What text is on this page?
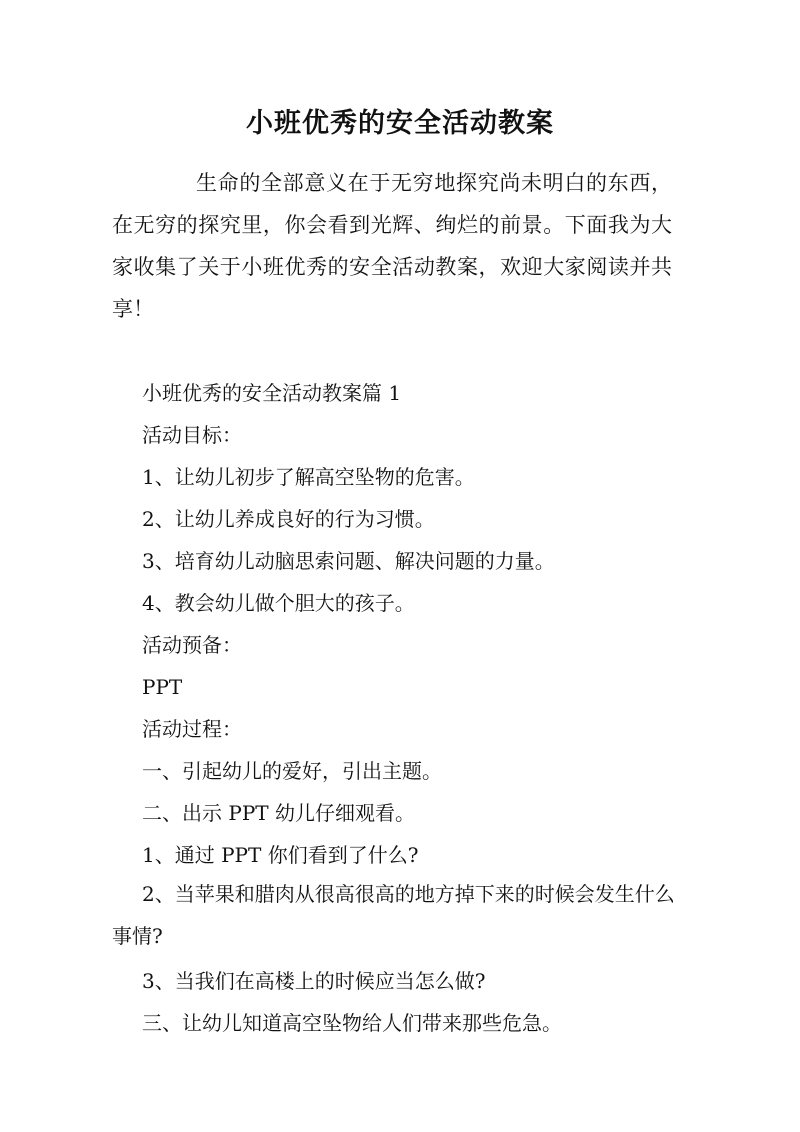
小班优秀的安全活动教案

生命的全部意义在于无穷地探究尚未明白的东西，在无穷的探究里，你会看到光辉、绚烂的前景。下面我为大家收集了关于小班优秀的安全活动教案，欢迎大家阅读并共享！

小班优秀的安全活动教案篇 1

活动目标：

1、让幼儿初步了解高空坠物的危害。

2、让幼儿养成良好的行为习惯。

3、培育幼儿动脑思索问题、解决问题的力量。

4、教会幼儿做个胆大的孩子。

活动预备：

PPT

活动过程：

一、引起幼儿的爱好，引出主题。

二、出示 PPT 幼儿仔细观看。

1、通过 PPT 你们看到了什么?

2、当苹果和腊肉从很高很高的地方掉下来的时候会发生什么事情?

3、当我们在高楼上的时候应当怎么做?

三、让幼儿知道高空坠物给人们带来那些危急。
